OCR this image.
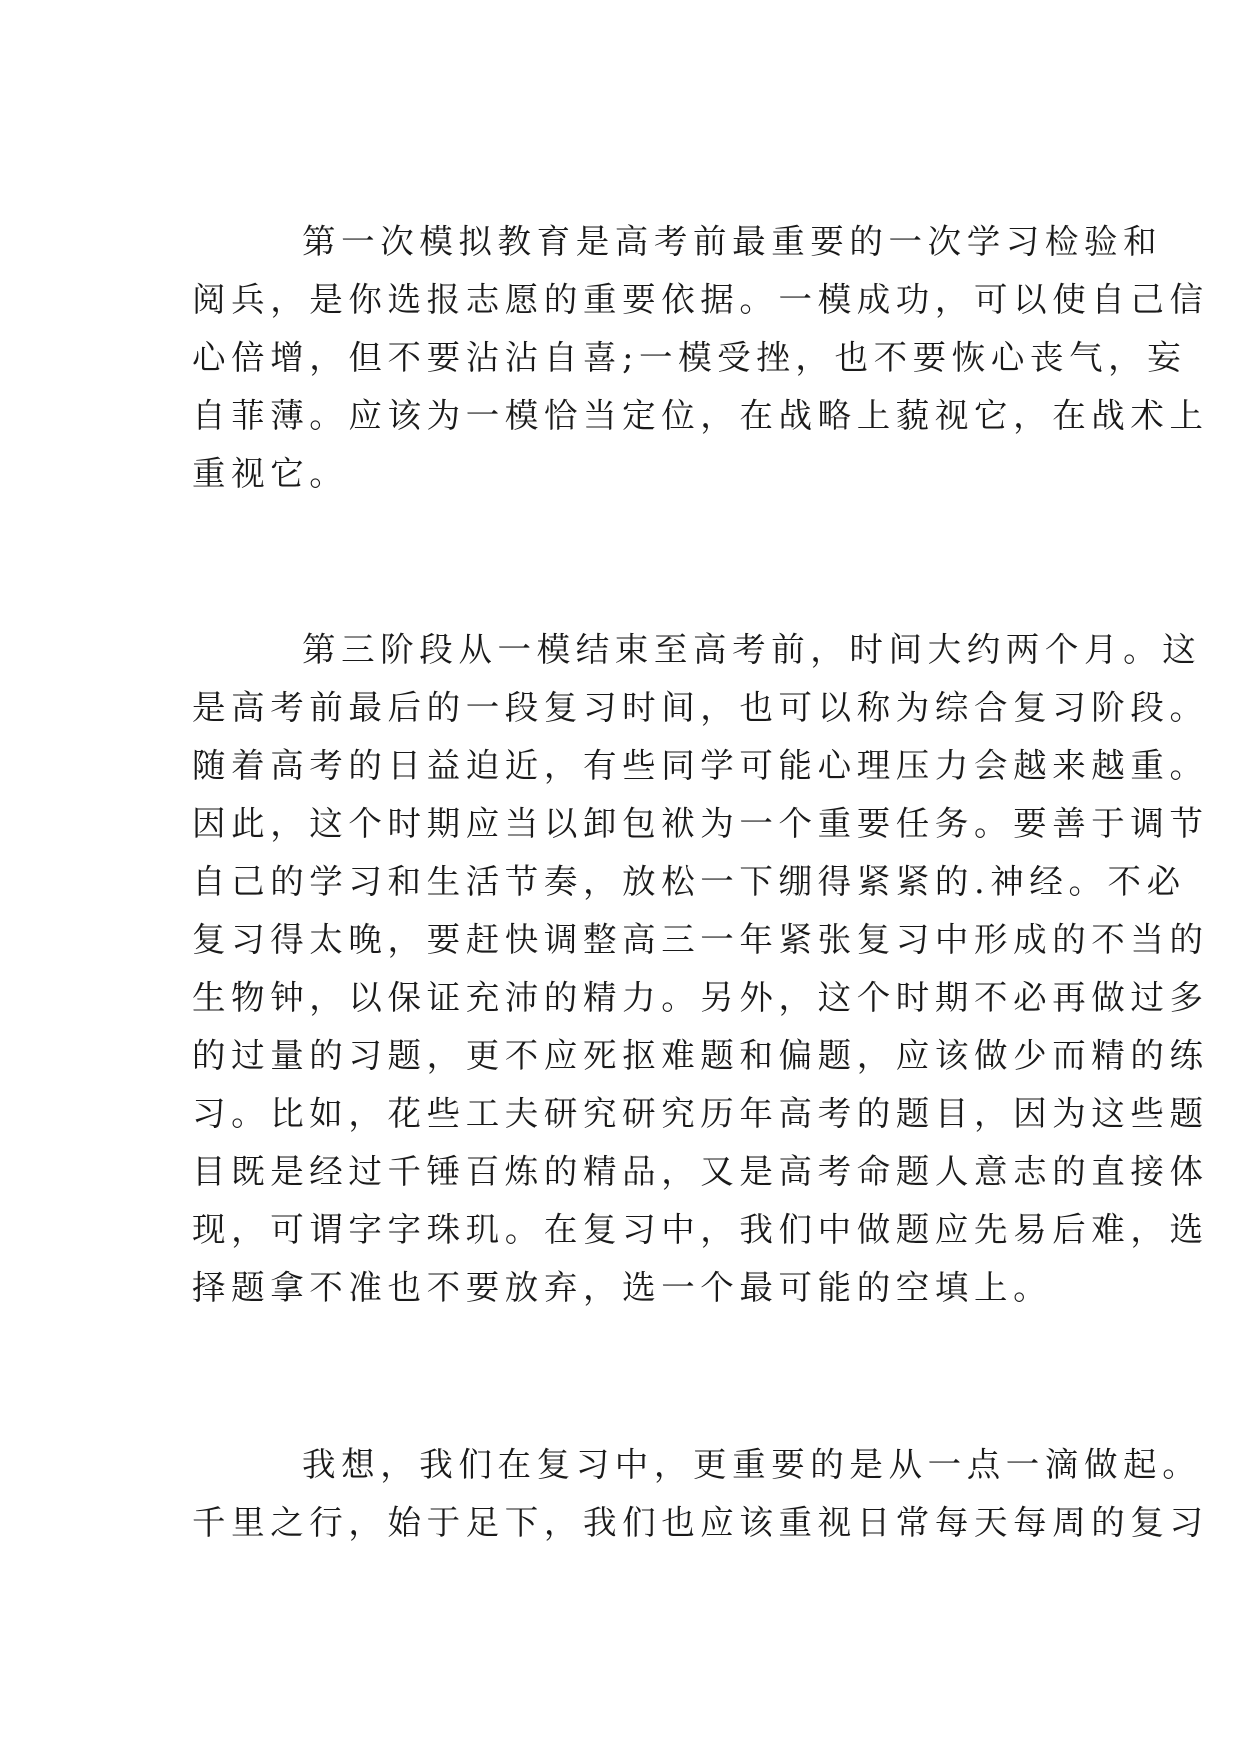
第一次模拟教育是高考前最重要的一次学习检验和
阅兵，是你选报志愿的重要依据。一模成功，可以使自己信
心倍增，但不要沾沾自喜;一模受挫，也不要恢心丧气，妄
自菲薄。应该为一模恰当定位，在战略上藐视它，在战术上
重视它。
第三阶段从一模结束至高考前，时间大约两个月。这
是高考前最后的一段复习时间，也可以称为综合复习阶段。
随着高考的日益迫近，有些同学可能心理压力会越来越重。
因此，这个时期应当以卸包袱为一个重要任务。要善于调节
自己的学习和生活节奏，放松一下绷得紧紧的.神经。不必
复习得太晚，要赶快调整高三一年紧张复习中形成的不当的
生物钟，以保证充沛的精力。另外，这个时期不必再做过多
的过量的习题，更不应死抠难题和偏题，应该做少而精的练
习。比如，花些工夫研究研究历年高考的题目，因为这些题
目既是经过千锤百炼的精品，又是高考命题人意志的直接体
现，可谓字字珠玑。在复习中，我们中做题应先易后难，选
择题拿不准也不要放弃，选一个最可能的空填上。
我想，我们在复习中，更重要的是从一点一滴做起。
千里之行，始于足下，我们也应该重视日常每天每周的复习
